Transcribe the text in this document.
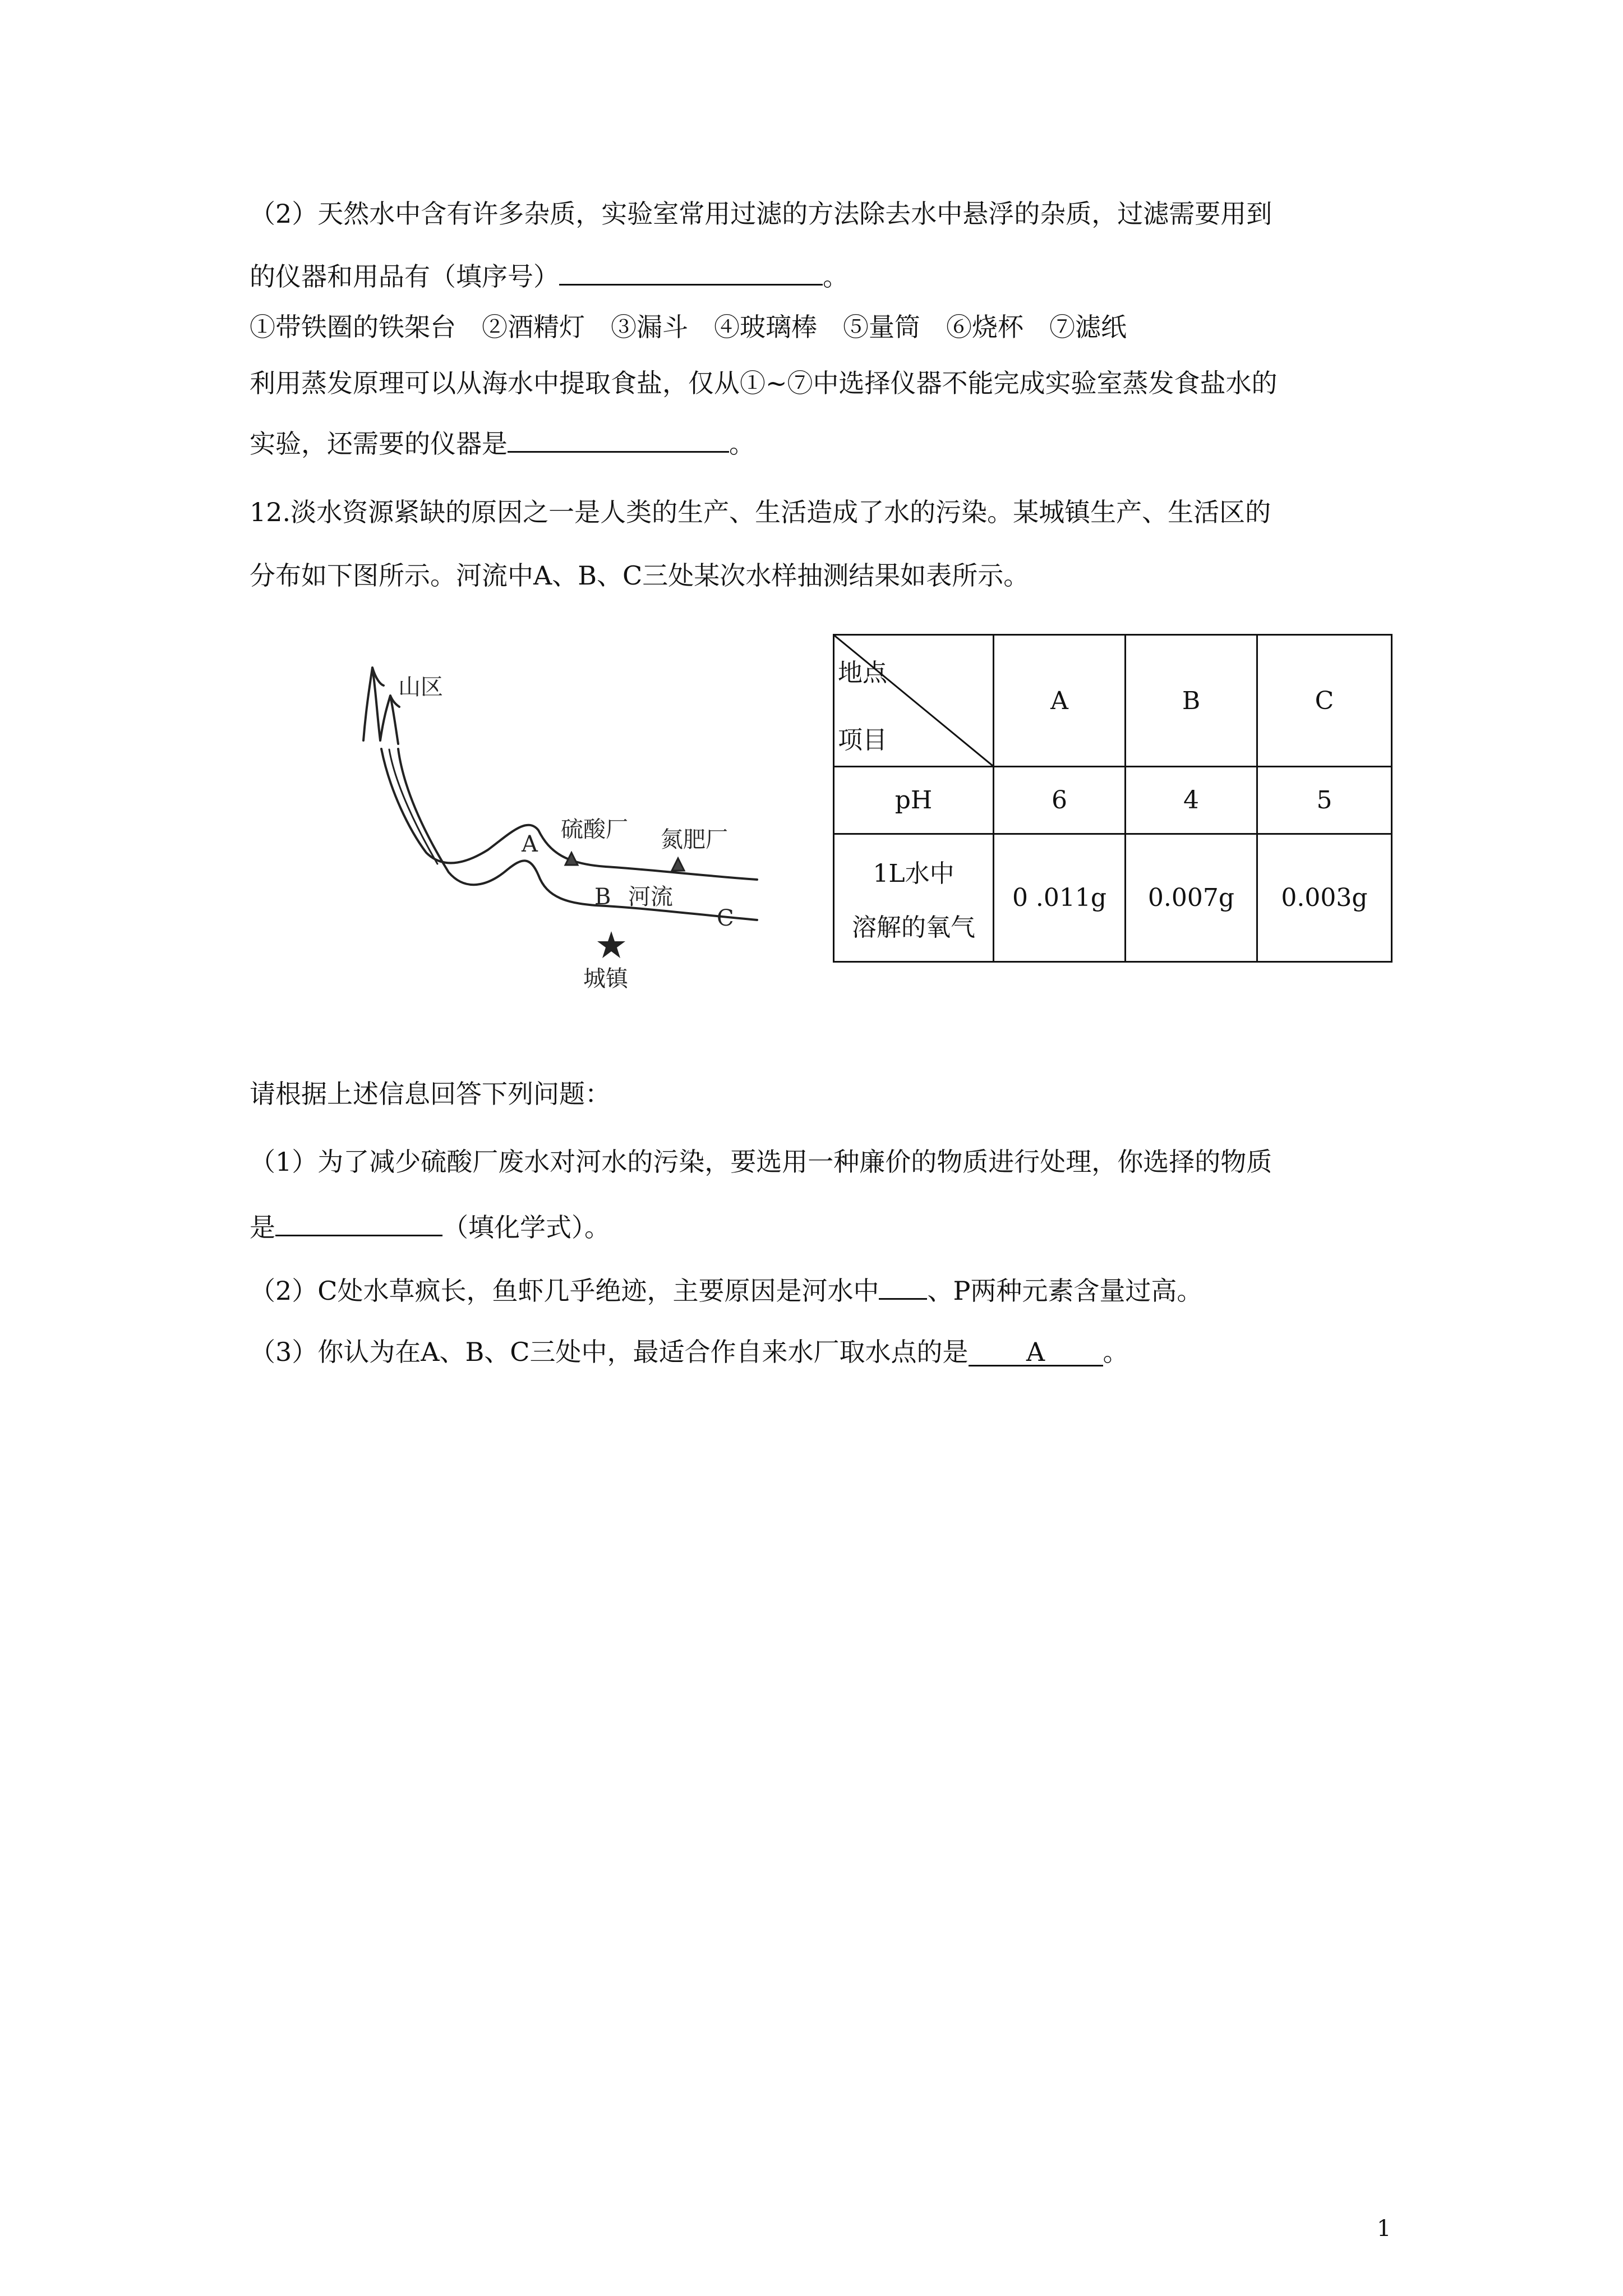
（2）天然水中含有许多杂质，实验室常用过滤的方法除去水中悬浮的杂质，过滤需要用到
的仪器和用品有（填序号）	。
①带铁圈的铁架台　②酒精灯　③漏斗　④玻璃棒　⑤量筒　⑥烧杯　⑦滤纸
利用蒸发原理可以从海水中提取食盐，仅从①~⑦中选择仪器不能完成实验室蒸发食盐水的
实验，还需要的仪器是	。
12.淡水资源紧缺的原因之一是人类的生产、生活造成了水的污染。某城镇生产、生活区的
分布如下图所示。河流中A、B、C三处某次水样抽测结果如表所示。
山区
硫酸厂 氮肥厂
A
B 河流
C
城镇
地点
项目	A	B	C
pH	6	4	5

1L水中
溶解的氧气	0 .011g	0.007g	0.003g
请根据上述信息回答下列问题：
（1）为了减少硫酸厂废水对河水的污染，要选用一种廉价的物质进行处理，你选择的物质
是	（填化学式）。
（2）C处水草疯长，鱼虾几乎绝迹，主要原因是河水中 、P两种元素含量过高。
（3）你认为在A、B、C三处中，最适合作自来水厂取水点的是 A 。
1
